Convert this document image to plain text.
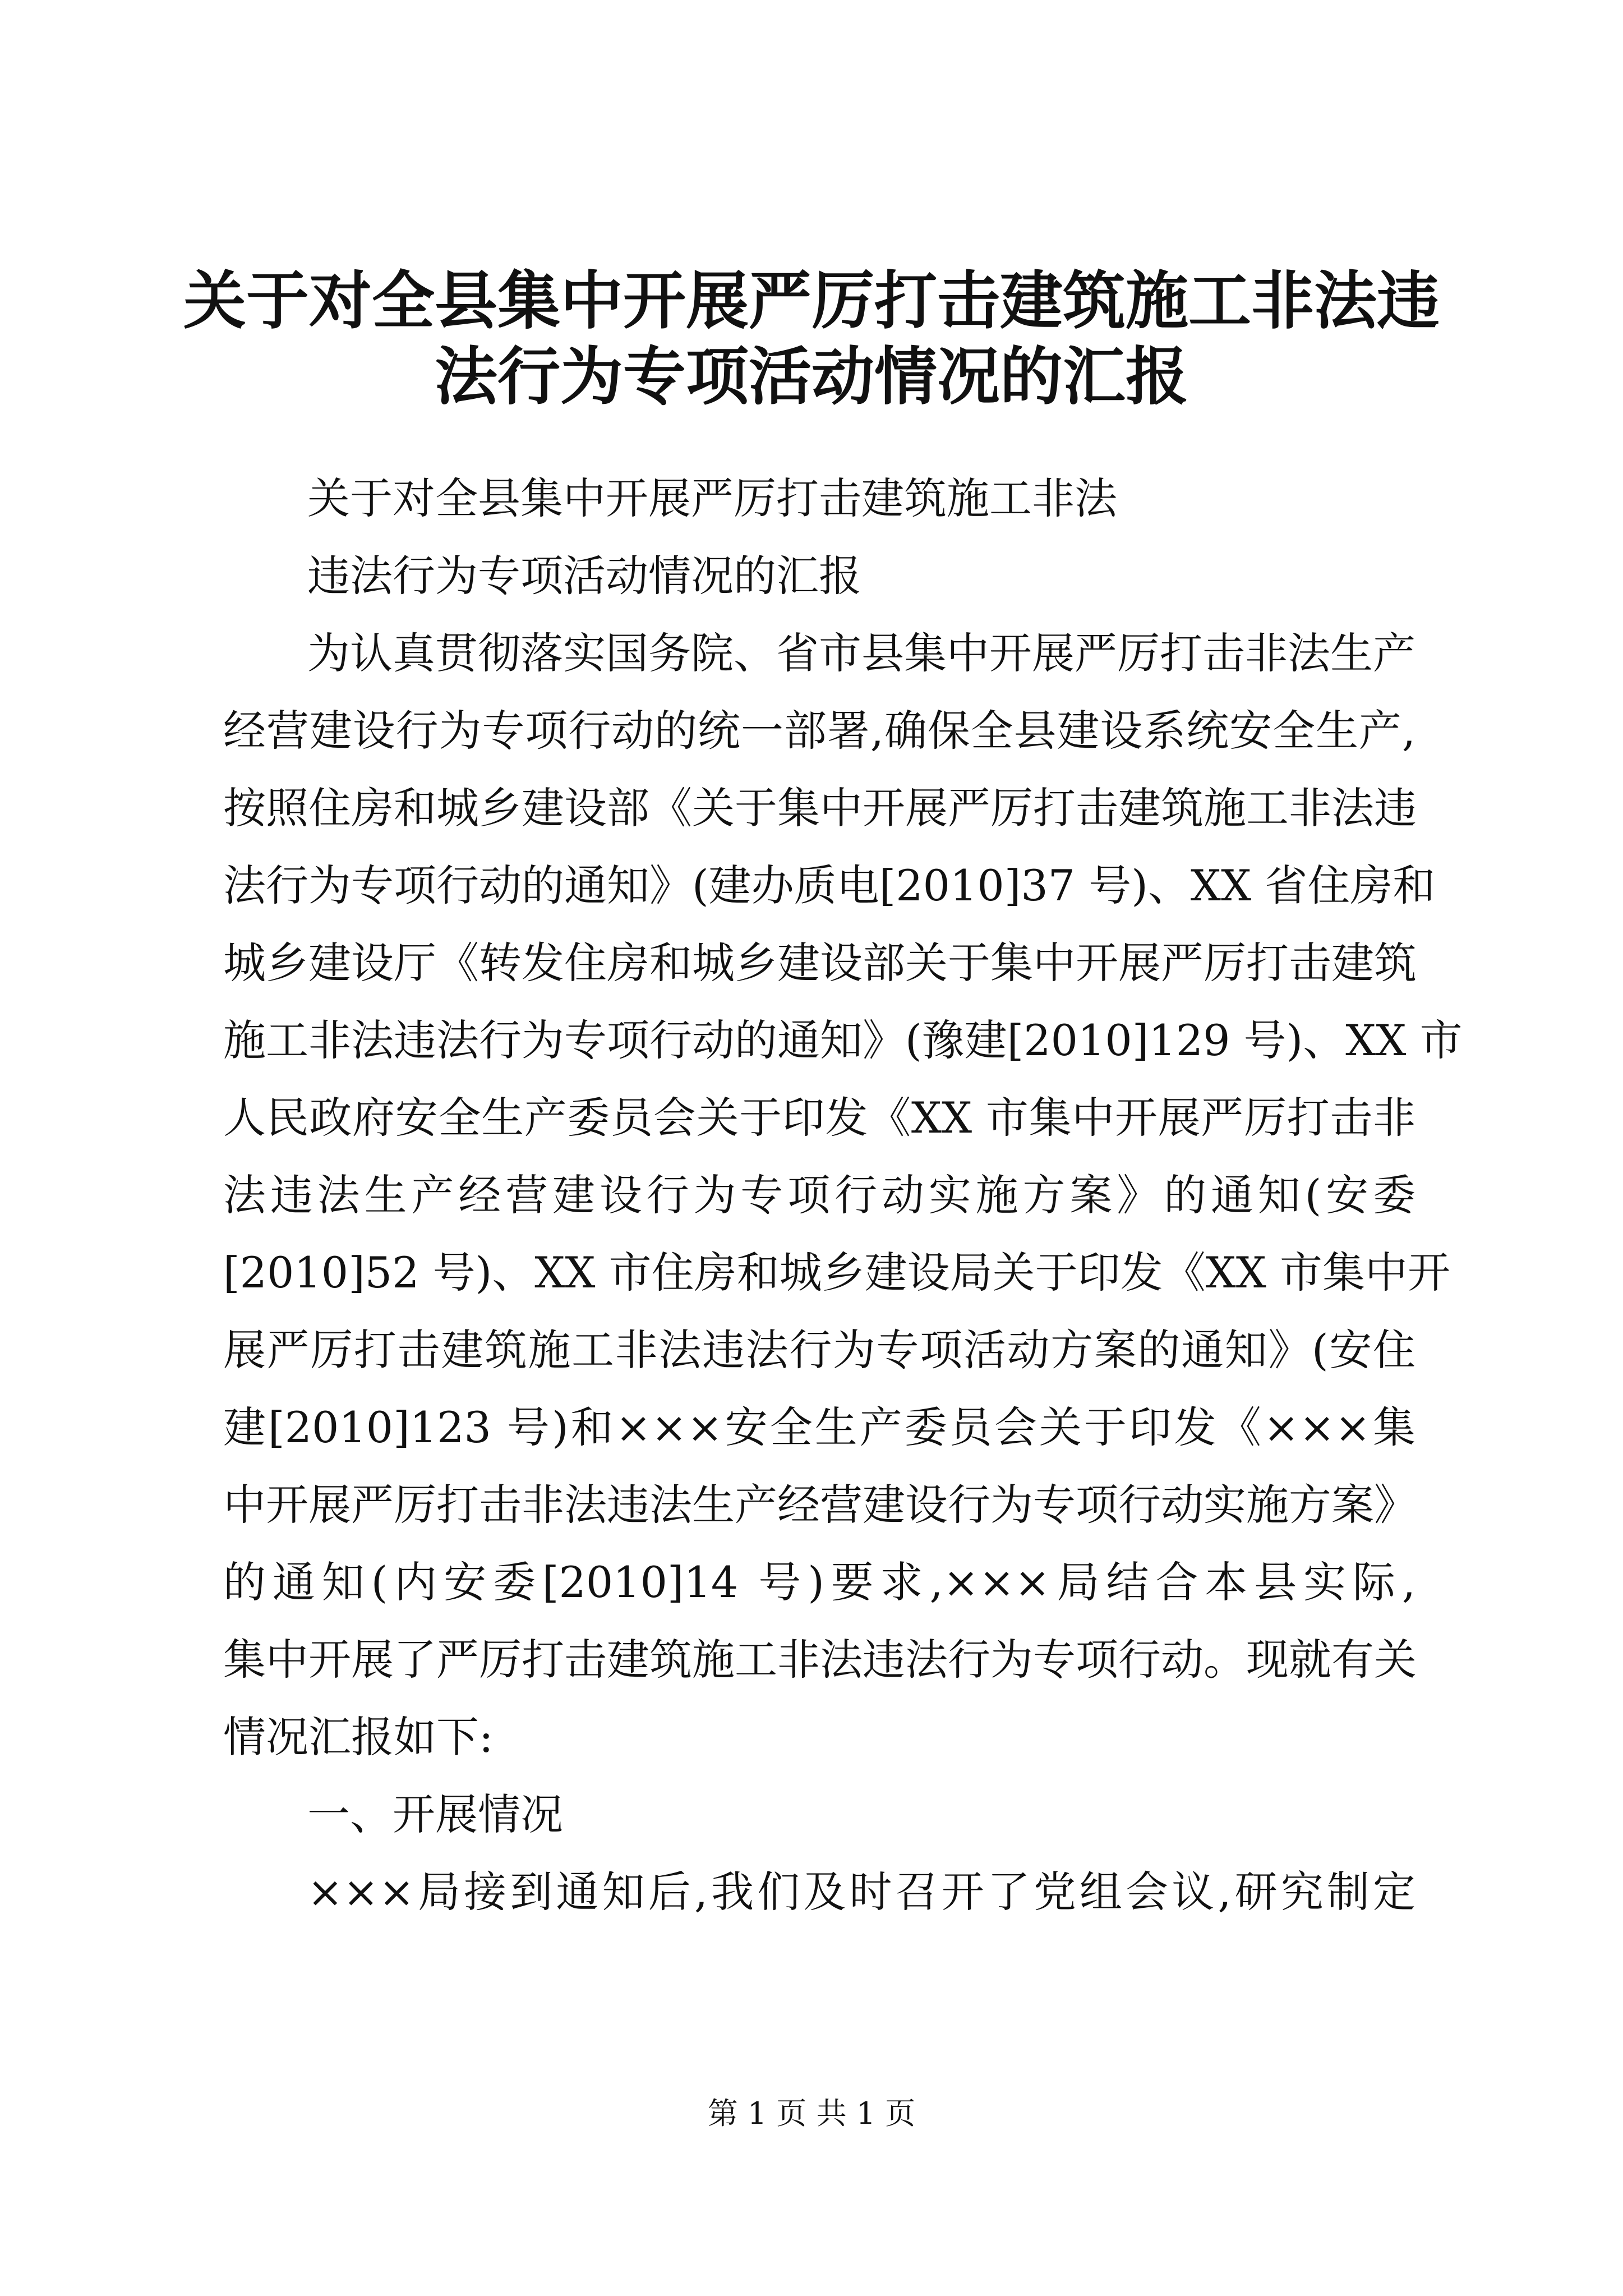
关于对全县集中开展严厉打击建筑施工非法违
法行为专项活动情况的汇报
关于对全县集中开展严厉打击建筑施工非法
违法行为专项活动情况的汇报
为认真贯彻落实国务院、省市县集中开展严厉打击非法生产
经营建设行为专项行动的统一部署,确保全县建设系统安全生产,
按照住房和城乡建设部《关于集中开展严厉打击建筑施工非法违
法行为专项行动的通知》(建办质电[2010]37 号)、XX 省住房和
城乡建设厅《转发住房和城乡建设部关于集中开展严厉打击建筑
施工非法违法行为专项行动的通知》(豫建[2010]129 号)、XX 市
人民政府安全生产委员会关于印发《XX 市集中开展严厉打击非
法违法生产经营建设行为专项行动实施方案》的通知(安委
[2010]52 号)、XX 市住房和城乡建设局关于印发《XX 市集中开
展严厉打击建筑施工非法违法行为专项活动方案的通知》(安住
建[2010]123 号)和×××安全生产委员会关于印发《×××集
中开展严厉打击非法违法生产经营建设行为专项行动实施方案》
的通知(内安委[2010]14 号)要求,×××局结合本县实际,
集中开展了严厉打击建筑施工非法违法行为专项行动。现就有关
情况汇报如下:
一、开展情况
×××局接到通知后,我们及时召开了党组会议,研究制定
第 1 页 共 1 页
